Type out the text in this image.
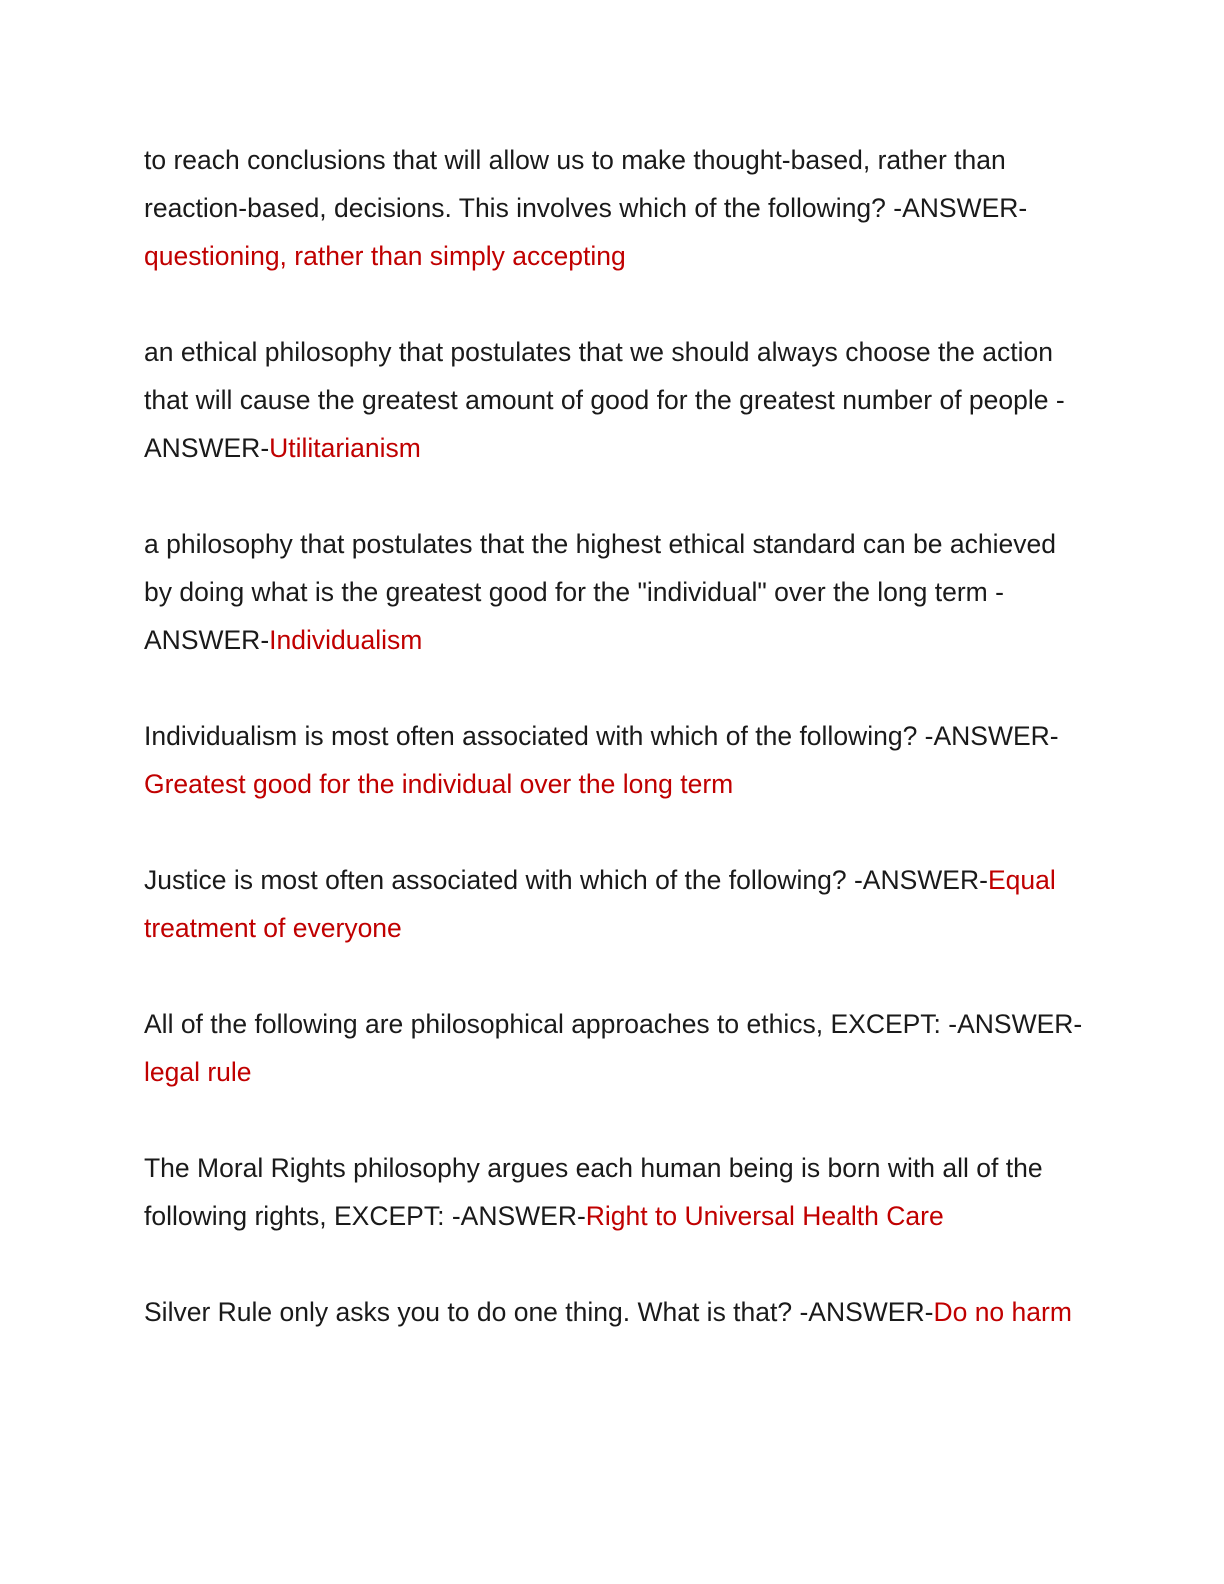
to reach conclusions that will allow us to make thought-based, rather than reaction-based, decisions. This involves which of the following? -ANSWER-questioning, rather than simply accepting

an ethical philosophy that postulates that we should always choose the action that will cause the greatest amount of good for the greatest number of people -ANSWER-Utilitarianism

a philosophy that postulates that the highest ethical standard can be achieved by doing what is the greatest good for the "individual" over the long term -ANSWER-Individualism

Individualism is most often associated with which of the following? -ANSWER-Greatest good for the individual over the long term

Justice is most often associated with which of the following? -ANSWER-Equal treatment of everyone

All of the following are philosophical approaches to ethics, EXCEPT: -ANSWER-legal rule

The Moral Rights philosophy argues each human being is born with all of the following rights, EXCEPT: -ANSWER-Right to Universal Health Care

Silver Rule only asks you to do one thing. What is that? -ANSWER-Do no harm
